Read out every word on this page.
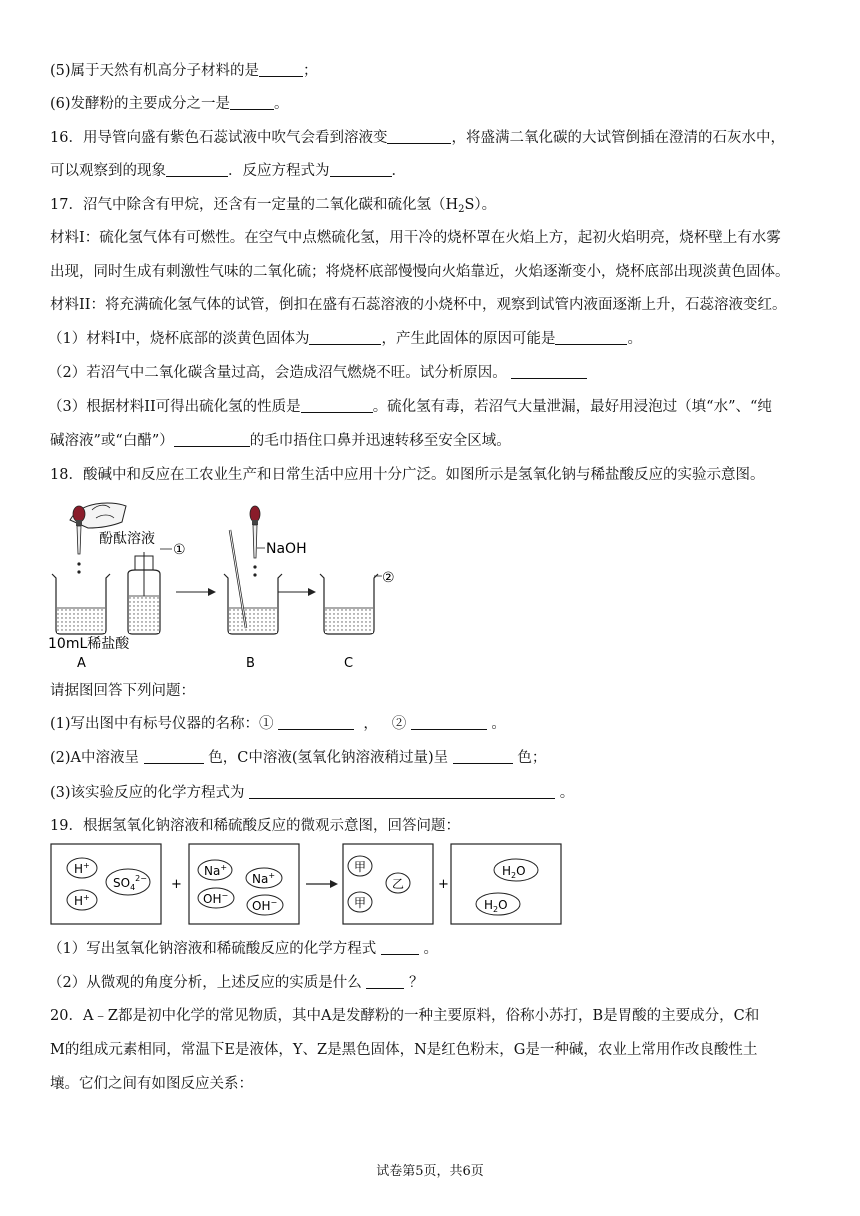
(5)属于天然有机高分子材料的是	；
(6)发酵粉的主要成分之一是	。
16．用导管向盛有紫色石蕊试液中吹气会看到溶液变	，将盛满二氧化碳的大试管倒插在澄清的石灰水中，
可以观察到的现象	．反应方程式为	．
17．沼气中除含有甲烷，还含有一定量的二氧化碳和硫化氢$(H_2S)$。
材料I：硫化氢气体有可燃性。在空气中点燃硫化氢，用干冷的烧杯罩在火焰上方，起初火焰明亮，烧杯壁上有水雾
出现，同时生成有刺激性气味的二氧化硫；将烧杯底部慢慢向火焰靠近，火焰逐渐变小，烧杯底部出现淡黄色固体。
材料II：将充满硫化氢气体的试管，倒扣在盛有石蕊溶液的小烧杯中，观察到试管内液面逐渐上升，石蕊溶液变红。
（1）材料I中，烧杯底部的淡黄色固体为	，产生此固体的原因可能是	。
（2）若沼气中二氧化碳含量过高，会造成沼气燃烧不旺。试分析原因。
（3）根据材料II可得出硫化氢的性质是	。硫化氢有毒，若沼气大量泄漏，最好用浸泡过（填“水”、“纯
碱溶液”或“白醋”）	的毛巾捂住口鼻并迅速转移至安全区域。
18．酸碱中和反应在工农业生产和日常生活中应用十分广泛。如图所示是氢氧化钠与稀盐酸反应的实验示意图。
酚酞溶液
①
10mL稀盐酸
A
NaOH
B
②
C
请据图回答下列问题：
(1)写出图中有标号仪器的名称：①	， ②	。
(2)A中溶液呈	色，C中溶液(氢氧化钠溶液稍过量)呈	色；
(3)该实验反应的化学方程式为	。
19．根据氢氧化钠溶液和稀硫酸反应的微观示意图，回答问题：
H+
H+
$SO_4^{2-}$ +
Na+
Na+
OH−
OH−
甲
甲
乙	+
$H_2O$
$H_2O$
（1）写出氢氧化钠溶液和稀硫酸反应的化学方程式	。
（2）从微观的角度分析，上述反应的实质是什么	？
20．A﹣Z都是初中化学的常见物质，其中A是发酵粉的一种主要原料，俗称小苏打，B是胃酸的主要成分，C和
M的组成元素相同，常温下E是液体，Y、Z是黑色固体，N是红色粉末，G是一种碱，农业上常用作改良酸性土
壤。它们之间有如图反应关系：
试卷第5页，共6页
